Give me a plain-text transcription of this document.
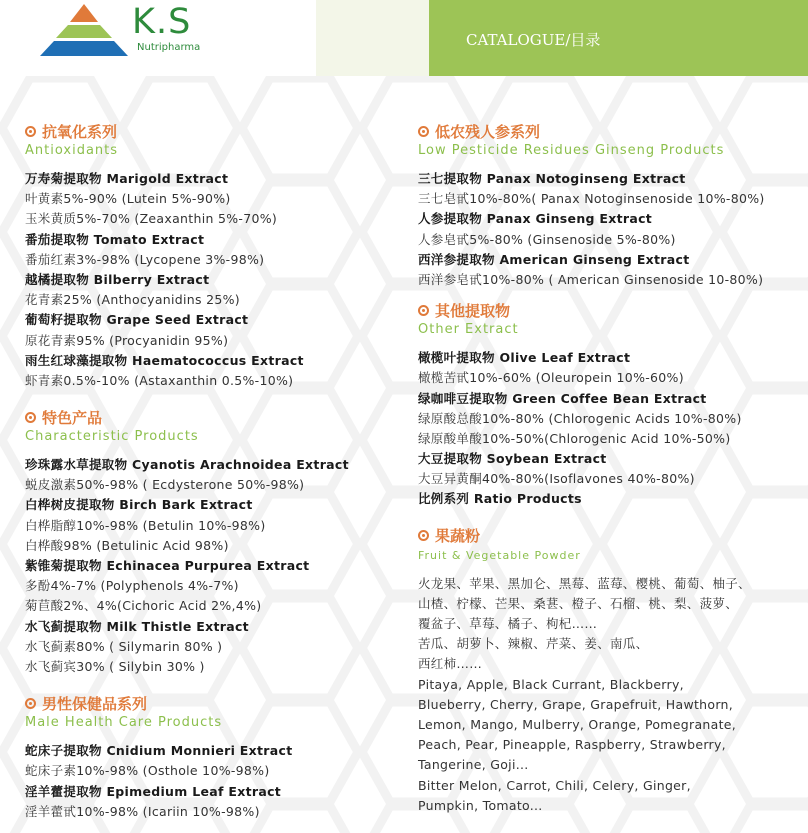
K.S
Nutripharma	CATALOGUE/目录
抗氧化系列
Antioxidants
万寿菊提取物 Marigold Extract
叶黄素5%-90% (Lutein 5%-90%)
玉米黄质5%-70% (Zeaxanthin 5%-70%)
番茄提取物 Tomato Extract
番茄红素3%-98% (Lycopene 3%-98%)
越橘提取物 Bilberry Extract
花青素25% (Anthocyanidins 25%)
葡萄籽提取物 Grape Seed Extract
原花青素95% (Procyanidin 95%)
雨生红球藻提取物 Haematococcus Extract
虾青素0.5%-10% (Astaxanthin 0.5%-10%)
特色产品
Characteristic Products
珍珠露水草提取物 Cyanotis Arachnoidea Extract
蜕皮激素50%-98% ( Ecdysterone 50%-98%)
白桦树皮提取物 Birch Bark Extract
白桦脂醇10%-98% (Betulin 10%-98%)
白桦酸98% (Betulinic Acid 98%)
紫锥菊提取物 Echinacea Purpurea Extract
多酚4%-7% (Polyphenols 4%-7%)
菊苣酸2%、4%(Cichoric Acid 2%,4%)
水飞蓟提取物 Milk Thistle Extract
水飞蓟素80% ( Silymarin 80% )
水飞蓟宾30% ( Silybin 30% )
男性保健品系列
Male Health Care Products
蛇床子提取物 Cnidium Monnieri Extract
蛇床子素10%-98% (Osthole 10%-98%)
淫羊藿提取物 Epimedium Leaf Extract
淫羊藿甙10%-98% (Icariin 10%-98%)
低农残人参系列
Low Pesticide Residues Ginseng Products
三七提取物 Panax Notoginseng Extract
三七皂甙10%-80%( Panax Notoginsenoside 10%-80%)
人参提取物 Panax Ginseng Extract
人参皂甙5%-80% (Ginsenoside 5%-80%)
西洋参提取物 American Ginseng Extract
西洋参皂甙10%-80% ( American Ginsenoside 10-80%)
其他提取物
Other Extract
橄榄叶提取物 Olive Leaf Extract
橄榄苦甙10%-60% (Oleuropein 10%-60%)
绿咖啡豆提取物 Green Coffee Bean Extract
绿原酸总酸10%-80% (Chlorogenic Acids 10%-80%)
绿原酸单酸10%-50%(Chlorogenic Acid 10%-50%)
大豆提取物 Soybean Extract
大豆异黄酮40%-80%(Isoflavones 40%-80%)
比例系列 Ratio Products
果蔬粉
Fruit & Vegetable Powder
火龙果、苹果、黑加仑、黑莓、蓝莓、樱桃、葡萄、柚子、
山楂、柠檬、芒果、桑葚、橙子、石榴、桃、梨、菠萝、
覆盆子、草莓、橘子、枸杞……
苦瓜、胡萝卜、辣椒、芹菜、姜、南瓜、
西红柿……
Pitaya, Apple, Black Currant, Blackberry,
Blueberry, Cherry, Grape, Grapefruit, Hawthorn,
Lemon, Mango, Mulberry, Orange, Pomegranate,
Peach, Pear, Pineapple, Raspberry, Strawberry,
Tangerine, Goji...
Bitter Melon, Carrot, Chili, Celery, Ginger,
Pumpkin, Tomato...
